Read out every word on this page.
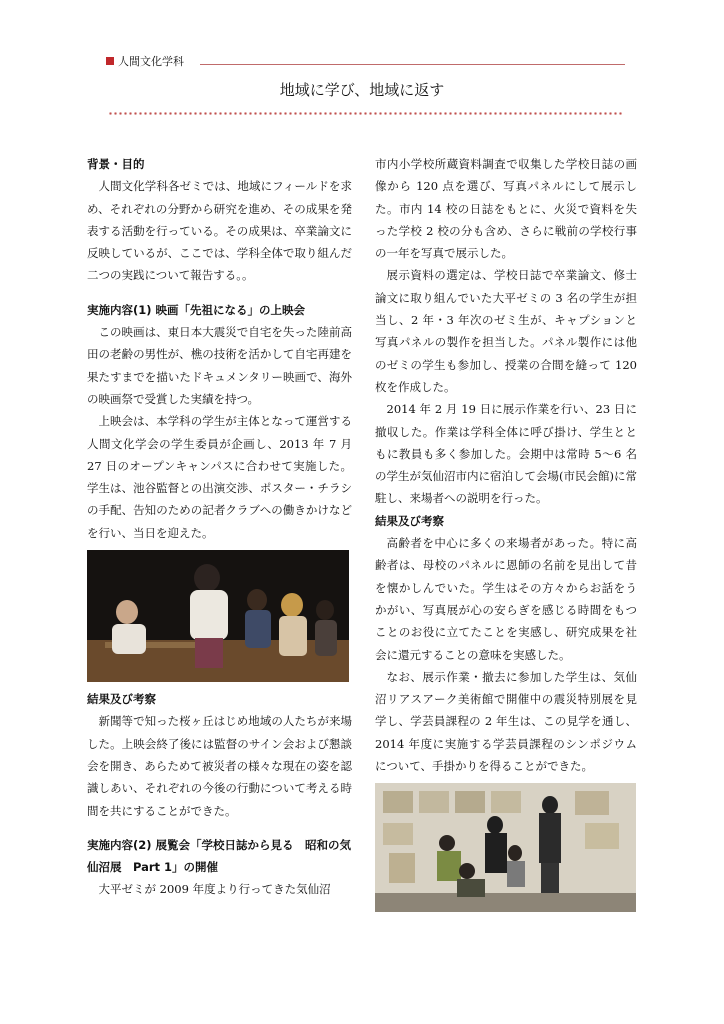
人間文化学科
地域に学び、地域に返す
背景・目的

人間文化学科各ゼミでは、地域にフィールドを求め、それぞれの分野から研究を進め、その成果を発表する活動を行っている。その成果は、卒業論文に反映しているが、ここでは、学科全体で取り組んだ二つの実践について報告する。。

実施内容(1) 映画「先祖になる」の上映会

この映画は、東日本大震災で自宅を失った陸前高田の老齢の男性が、樵の技術を活かして自宅再建を果たすまでを描いたドキュメンタリー映画で、海外の映画祭で受賞した実績を持つ。

上映会は、本学科の学生が主体となって運営する人間文化学会の学生委員が企画し、2013 年 7 月 27 日のオープンキャンパスに合わせて実施した。学生は、池谷監督との出演交渉、ポスター・チラシの手配、告知のための記者クラブへの働きかけなどを行い、当日を迎えた。

結果及び考察

新聞等で知った桜ヶ丘はじめ地域の人たちが来場した。上映会終了後には監督のサイン会および懇談会を開き、あらためて被災者の様々な現在の姿を認識しあい、それぞれの今後の行動について考える時間を共にすることができた。

実施内容(2) 展覧会「学校日誌から見る　昭和の気仙沼展　Part 1」の開催

大平ゼミが 2009 年度より行ってきた気仙沼

市内小学校所蔵資料調査で収集した学校日誌の画像から 120 点を選び、写真パネルにして展示した。市内 14 校の日誌をもとに、火災で資料を失った学校 2 校の分も含め、さらに戦前の学校行事の一年を写真で展示した。

展示資料の選定は、学校日誌で卒業論文、修士論文に取り組んでいた大平ゼミの 3 名の学生が担当し、2 年・3 年次のゼミ生が、キャプションと写真パネルの製作を担当した。パネル製作には他のゼミの学生も参加し、授業の合間を縫って 120 枚を作成した。

2014 年 2 月 19 日に展示作業を行い、23 日に撤収した。作業は学科全体に呼び掛け、学生とともに教員も多く参加した。会期中は常時 5～6 名の学生が気仙沼市内に宿泊して会場(市民会館)に常駐し、来場者への説明を行った。

結果及び考察

高齢者を中心に多くの来場者があった。特に高齢者は、母校のパネルに恩師の名前を見出して昔を懐かしんでいた。学生はその方々からお話をうかがい、写真展が心の安らぎを感じる時間をもつことのお役に立てたことを実感し、研究成果を社会に還元することの意味を実感した。

なお、展示作業・撤去に参加した学生は、気仙沼リアスアーク美術館で開催中の震災特別展を見学し、学芸員課程の 2 年生は、この見学を通し、2014 年度に実施する学芸員課程のシンポジウムについて、手掛かりを得ることができた。
